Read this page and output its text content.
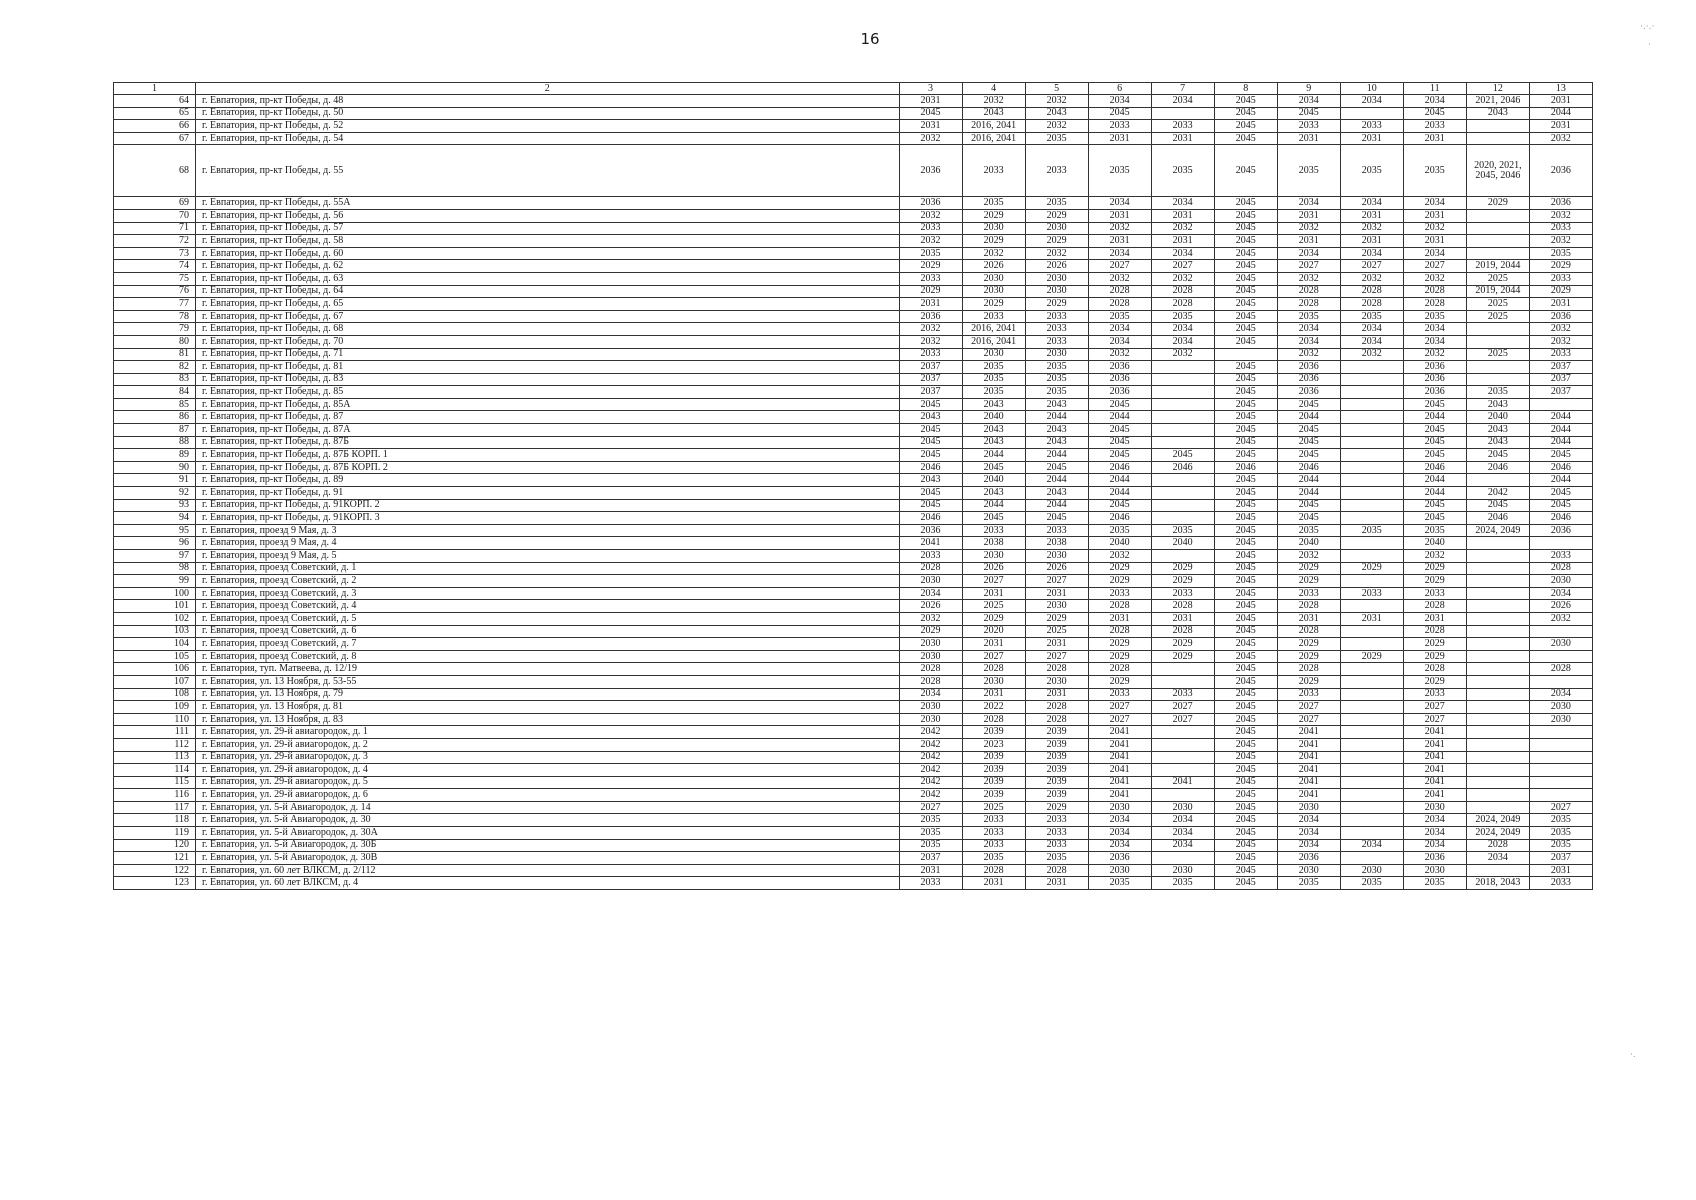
16
1	2	3	4	5	6	7	8	9	10	11	12	13
64	г. Евпатория, пр-кт Победы, д. 48	2031	2032	2032	2034	2034	2045	2034	2034	2034	2021, 2046	2031
65	г. Евпатория, пр-кт Победы, д. 50	2045	2043	2043	2045		2045	2045		2045	2043	2044
66	г. Евпатория, пр-кт Победы, д. 52	2031	2016, 2041	2032	2033	2033	2045	2033	2033	2033		2031
67	г. Евпатория, пр-кт Победы, д. 54	2032	2016, 2041	2035	2031	2031	2045	2031	2031	2031		2032
68	г. Евпатория, пр-кт Победы, д. 55	2036	2033	2033	2035	2035	2045	2035	2035	2035	2020, 2021, 2045, 2046	2036
69	г. Евпатория, пр-кт Победы, д. 55А	2036	2035	2035	2034	2034	2045	2034	2034	2034	2029	2036
70	г. Евпатория, пр-кт Победы, д. 56	2032	2029	2029	2031	2031	2045	2031	2031	2031		2032
71	г. Евпатория, пр-кт Победы, д. 57	2033	2030	2030	2032	2032	2045	2032	2032	2032		2033
72	г. Евпатория, пр-кт Победы, д. 58	2032	2029	2029	2031	2031	2045	2031	2031	2031		2032
73	г. Евпатория, пр-кт Победы, д. 60	2035	2032	2032	2034	2034	2045	2034	2034	2034		2035
74	г. Евпатория, пр-кт Победы, д. 62	2029	2026	2026	2027	2027	2045	2027	2027	2027	2019, 2044	2029
75	г. Евпатория, пр-кт Победы, д. 63	2033	2030	2030	2032	2032	2045	2032	2032	2032	2025	2033
76	г. Евпатория, пр-кт Победы, д. 64	2029	2030	2030	2028	2028	2045	2028	2028	2028	2019, 2044	2029
77	г. Евпатория, пр-кт Победы, д. 65	2031	2029	2029	2028	2028	2045	2028	2028	2028	2025	2031
78	г. Евпатория, пр-кт Победы, д. 67	2036	2033	2033	2035	2035	2045	2035	2035	2035	2025	2036
79	г. Евпатория, пр-кт Победы, д. 68	2032	2016, 2041	2033	2034	2034	2045	2034	2034	2034		2032
80	г. Евпатория, пр-кт Победы, д. 70	2032	2016, 2041	2033	2034	2034	2045	2034	2034	2034		2032
81	г. Евпатория, пр-кт Победы, д. 71	2033	2030	2030	2032	2032		2032	2032	2032	2025	2033
82	г. Евпатория, пр-кт Победы, д. 81	2037	2035	2035	2036		2045	2036		2036		2037
83	г. Евпатория, пр-кт Победы, д. 83	2037	2035	2035	2036		2045	2036		2036		2037
84	г. Евпатория, пр-кт Победы, д. 85	2037	2035	2035	2036		2045	2036		2036	2035	2037
85	г. Евпатория, пр-кт Победы, д. 85А	2045	2043	2043	2045		2045	2045		2045	2043	
86	г. Евпатория, пр-кт Победы, д. 87	2043	2040	2044	2044		2045	2044		2044	2040	2044
87	г. Евпатория, пр-кт Победы, д. 87А	2045	2043	2043	2045		2045	2045		2045	2043	2044
88	г. Евпатория, пр-кт Победы, д. 87Б	2045	2043	2043	2045		2045	2045		2045	2043	2044
89	г. Евпатория, пр-кт Победы, д. 87Б КОРП. 1	2045	2044	2044	2045	2045	2045	2045		2045	2045	2045
90	г. Евпатория, пр-кт Победы, д. 87Б КОРП. 2	2046	2045	2045	2046	2046	2046	2046		2046	2046	2046
91	г. Евпатория, пр-кт Победы, д. 89	2043	2040	2044	2044		2045	2044		2044		2044
92	г. Евпатория, пр-кт Победы, д. 91	2045	2043	2043	2044		2045	2044		2044	2042	2045
93	г. Евпатория, пр-кт Победы, д. 91КОРП. 2	2045	2044	2044	2045		2045	2045		2045	2045	2045
94	г. Евпатория, пр-кт Победы, д. 91КОРП. 3	2046	2045	2045	2046		2045	2045		2045	2046	2046
95	г. Евпатория, проезд 9 Мая, д. 3	2036	2033	2033	2035	2035	2045	2035	2035	2035	2024, 2049	2036
96	г. Евпатория, проезд 9 Мая, д. 4	2041	2038	2038	2040	2040	2045	2040		2040		
97	г. Евпатория, проезд 9 Мая, д. 5	2033	2030	2030	2032		2045	2032		2032		2033
98	г. Евпатория, проезд Советский, д. 1	2028	2026	2026	2029	2029	2045	2029	2029	2029		2028
99	г. Евпатория, проезд Советский, д. 2	2030	2027	2027	2029	2029	2045	2029		2029		2030
100	г. Евпатория, проезд Советский, д. 3	2034	2031	2031	2033	2033	2045	2033	2033	2033		2034
101	г. Евпатория, проезд Советский, д. 4	2026	2025	2030	2028	2028	2045	2028		2028		2026
102	г. Евпатория, проезд Советский, д. 5	2032	2029	2029	2031	2031	2045	2031	2031	2031		2032
103	г. Евпатория, проезд Советский, д. 6	2029	2020	2025	2028	2028	2045	2028		2028		
104	г. Евпатория, проезд Советский, д. 7	2030	2031	2031	2029	2029	2045	2029		2029		2030
105	г. Евпатория, проезд Советский, д. 8	2030	2027	2027	2029	2029	2045	2029	2029	2029		
106	г. Евпатория, туп. Матвеева, д. 12/19	2028	2028	2028	2028		2045	2028		2028		2028
107	г. Евпатория, ул. 13 Ноября, д. 53-55	2028	2030	2030	2029		2045	2029		2029		
108	г. Евпатория, ул. 13 Ноября, д. 79	2034	2031	2031	2033	2033	2045	2033		2033		2034
109	г. Евпатория, ул. 13 Ноября, д. 81	2030	2022	2028	2027	2027	2045	2027		2027		2030
110	г. Евпатория, ул. 13 Ноября, д. 83	2030	2028	2028	2027	2027	2045	2027		2027		2030
111	г. Евпатория, ул. 29-й авиагородок, д. 1	2042	2039	2039	2041		2045	2041		2041		
112	г. Евпатория, ул. 29-й авиагородок, д. 2	2042	2023	2039	2041		2045	2041		2041		
113	г. Евпатория, ул. 29-й авиагородок, д. 3	2042	2039	2039	2041		2045	2041		2041		
114	г. Евпатория, ул. 29-й авиагородок, д. 4	2042	2039	2039	2041		2045	2041		2041		
115	г. Евпатория, ул. 29-й авиагородок, д. 5	2042	2039	2039	2041	2041	2045	2041		2041		
116	г. Евпатория, ул. 29-й авиагородок, д. 6	2042	2039	2039	2041		2045	2041		2041		
117	г. Евпатория, ул. 5-й Авиагородок, д. 14	2027	2025	2029	2030	2030	2045	2030		2030		2027
118	г. Евпатория, ул. 5-й Авиагородок, д. 30	2035	2033	2033	2034	2034	2045	2034		2034	2024, 2049	2035
119	г. Евпатория, ул. 5-й Авиагородок, д. 30А	2035	2033	2033	2034	2034	2045	2034		2034	2024, 2049	2035
120	г. Евпатория, ул. 5-й Авиагородок, д. 30Б	2035	2033	2033	2034	2034	2045	2034	2034	2034	2028	2035
121	г. Евпатория, ул. 5-й Авиагородок, д. 30В	2037	2035	2035	2036		2045	2036		2036	2034	2037
122	г. Евпатория, ул. 60 лет ВЛКСМ, д. 2/112	2031	2028	2028	2030	2030	2045	2030	2030	2030		2031
123	г. Евпатория, ул. 60 лет ВЛКСМ, д. 4	2033	2031	2031	2035	2035	2045	2035	2035	2035	2018, 2043	2033
·.·.·
·
·.
